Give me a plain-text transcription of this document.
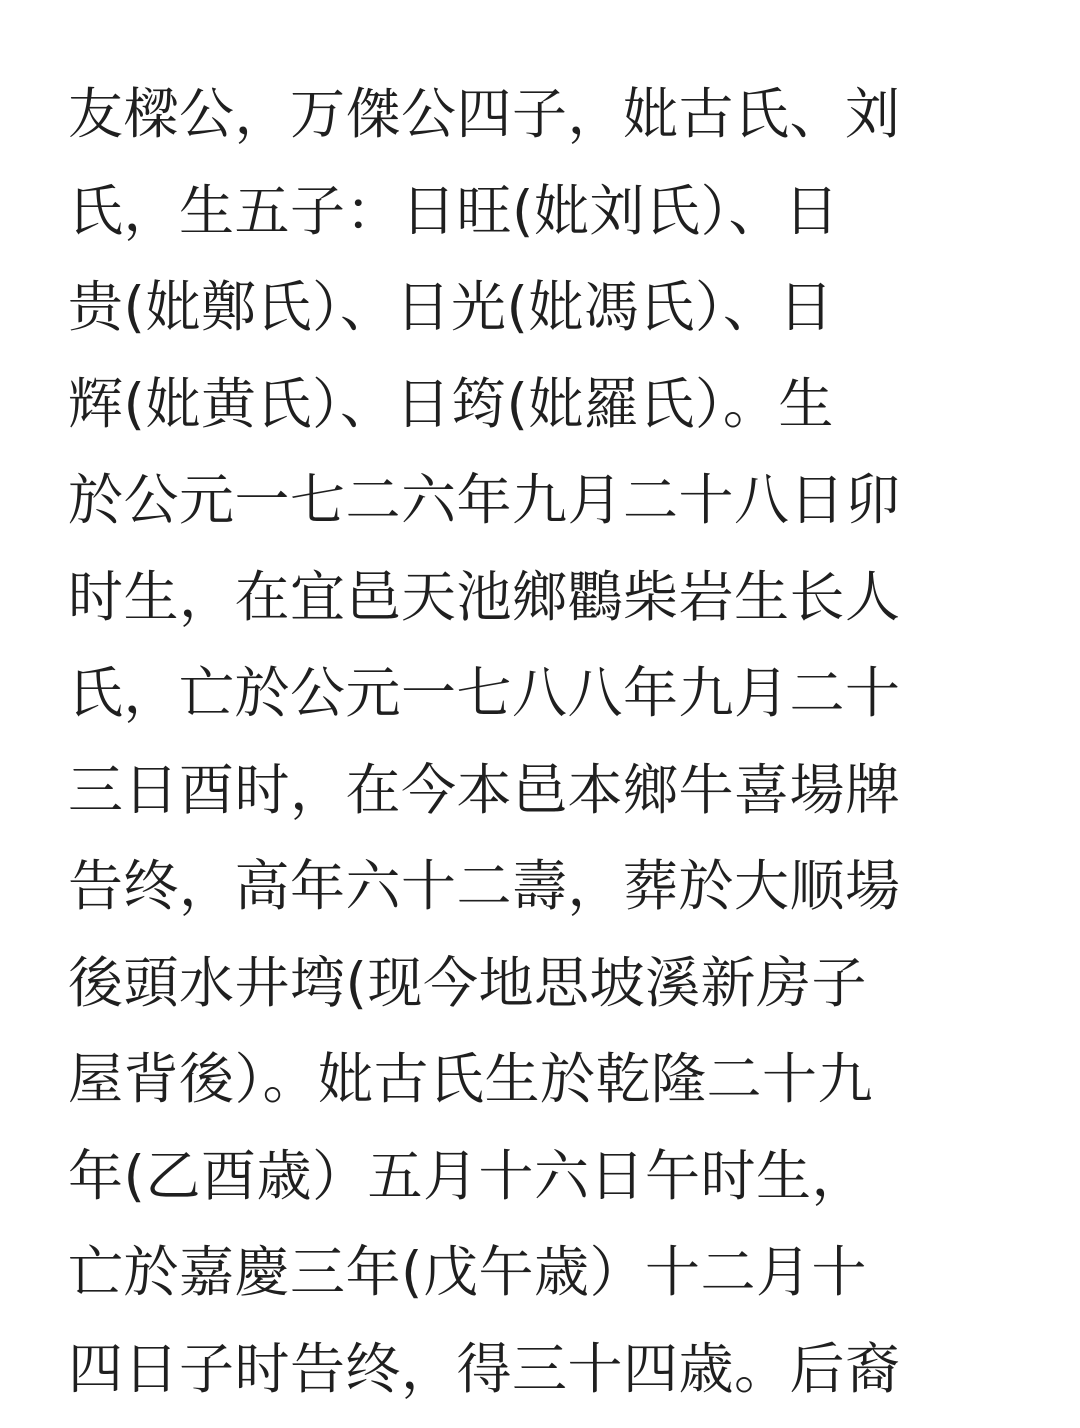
友樑公，万傑公四子，妣古氏、刘
氏，生五子：日旺(妣刘氏）、日
贵(妣鄭氏）、日光(妣馮氏）、日
辉(妣黄氏）、日筠(妣羅氏）。生
於公元一七二六年九月二十八日卯
时生，在宜邑天池鄉鸜柴岩生长人
氏，亡於公元一七八八年九月二十
三日酉时，在今本邑本鄉牛喜場牌
告终，高年六十二壽，葬於大顺場
後頭水井塆(现今地思坡溪新房子
屋背後）。妣古氏生於乾隆二十九
年(乙酉歳）五月十六日午时生，
亡於嘉慶三年(戊午歳）十二月十
四日子时告终，得三十四歳。后裔
